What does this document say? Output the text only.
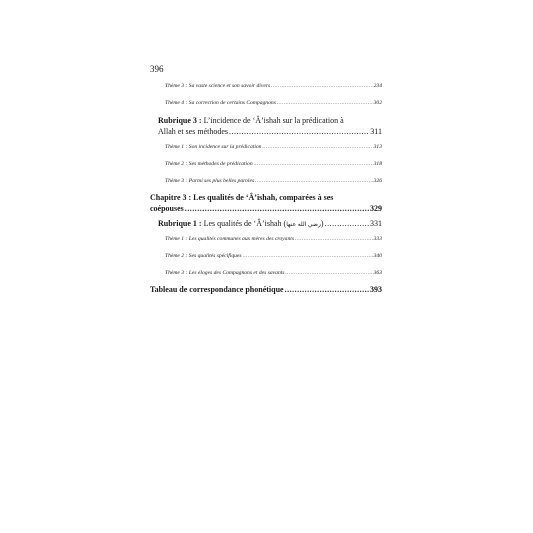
396
Thème 3 : Sa vaste science et son savoir divers .....	234
Thème 4 : Sa correction de certains Compagnons .....	302
Rubrique 3 : L’incidence de ‘Â’ishah sur la prédication à
Allah et ses méthodes .....	311
Thème 1 : Son incidence sur la prédication .....	313
Thème 2 : Ses méthodes de prédication .....	318
Thème 3 : Parmi ses plus belles paroles .....	326
Chapitre 3 : Les qualités de ‘Â’ishah, comparées à ses
coépouses .....	329
Rubrique 1 : Les qualités de ‘Â’ishah (رضي الله عنها) .....	331
Thème 1 : Les qualités communes aux mères des croyants .....	333
Thème 2 : Ses qualités spécifiques .....	340
Thème 3 : Les éloges des Compagnons et des savants .....	363
Tableau de correspondance phonétique .....	393
